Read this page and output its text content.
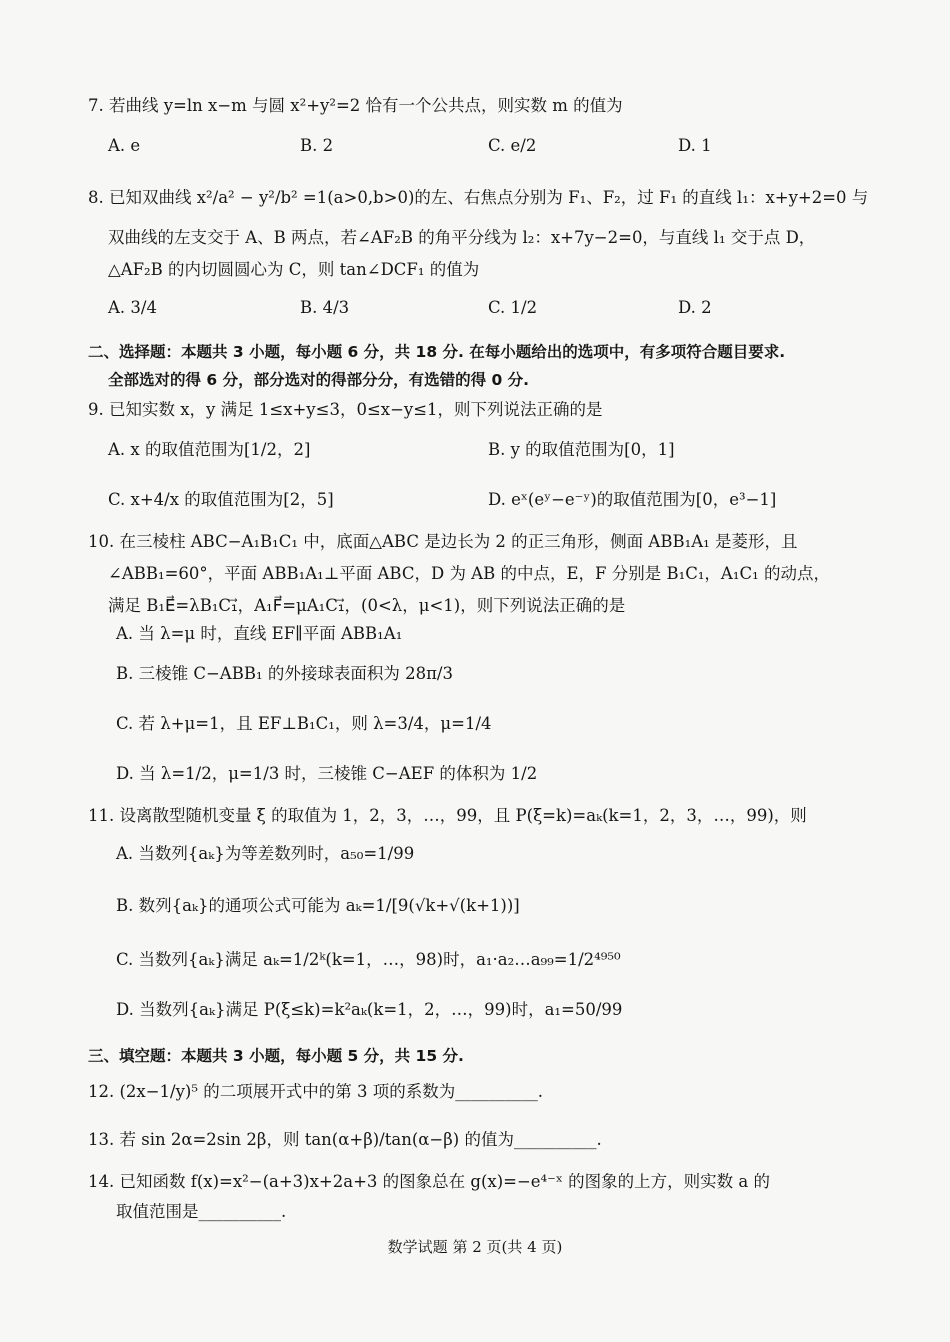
7. 若曲线 y=ln x−m 与圆 x²+y²=2 恰有一个公共点，则实数 m 的值为
A. e	B. 2	C. e/2	D. 1
8. 已知双曲线 x²/a² − y²/b² =1(a>0,b>0)的左、右焦点分别为 F₁、F₂，过 F₁ 的直线 l₁：x+y+2=0 与
双曲线的左支交于 A、B 两点，若∠AF₂B 的角平分线为 l₂：x+7y−2=0，与直线 l₁ 交于点 D，
△AF₂B 的内切圆圆心为 C，则 tan∠DCF₁ 的值为
A. 3/4	B. 4/3	C. 1/2	D. 2
二、选择题：本题共 3 小题，每小题 6 分，共 18 分. 在每小题给出的选项中，有多项符合题目要求.
全部选对的得 6 分，部分选对的得部分分，有选错的得 0 分.
9. 已知实数 x，y 满足 1≤x+y≤3，0≤x−y≤1，则下列说法正确的是
A. x 的取值范围为[1/2，2]	B. y 的取值范围为[0，1]
C. x+4/x 的取值范围为[2，5]	D. eˣ(eʸ−e⁻ʸ)的取值范围为[0，e³−1]
10. 在三棱柱 ABC−A₁B₁C₁ 中，底面△ABC 是边长为 2 的正三角形，侧面 ABB₁A₁ 是菱形，且
∠ABB₁=60°，平面 ABB₁A₁⊥平面 ABC，D 为 AB 的中点，E，F 分别是 B₁C₁，A₁C₁ 的动点，
满足 B₁E⃗=λB₁C₁⃗，A₁F⃗=μA₁C₁⃗，(0<λ，μ<1)，则下列说法正确的是
A. 当 λ=μ 时，直线 EF∥平面 ABB₁A₁
B. 三棱锥 C−ABB₁ 的外接球表面积为 28π/3
C. 若 λ+μ=1，且 EF⊥B₁C₁，则 λ=3/4，μ=1/4
D. 当 λ=1/2，μ=1/3 时，三棱锥 C−AEF 的体积为 1/2
11. 设离散型随机变量 ξ 的取值为 1，2，3，…，99，且 P(ξ=k)=aₖ(k=1，2，3，…，99)，则
A. 当数列{aₖ}为等差数列时，a₅₀=1/99
B. 数列{aₖ}的通项公式可能为 aₖ=1/[9(√k+√(k+1))]
C. 当数列{aₖ}满足 aₖ=1/2ᵏ(k=1，…，98)时，a₁·a₂…a₉₉=1/2⁴⁹⁵⁰
D. 当数列{aₖ}满足 P(ξ≤k)=k²aₖ(k=1，2，…，99)时，a₁=50/99
三、填空题：本题共 3 小题，每小题 5 分，共 15 分.
12. (2x−1/y)⁵ 的二项展开式中的第 3 项的系数为__________.
13. 若 sin 2α=2sin 2β，则 tan(α+β)/tan(α−β) 的值为__________.
14. 已知函数 f(x)=x²−(a+3)x+2a+3 的图象总在 g(x)=−e⁴⁻ˣ 的图象的上方，则实数 a 的
取值范围是__________.
数学试题 第 2 页(共 4 页)
